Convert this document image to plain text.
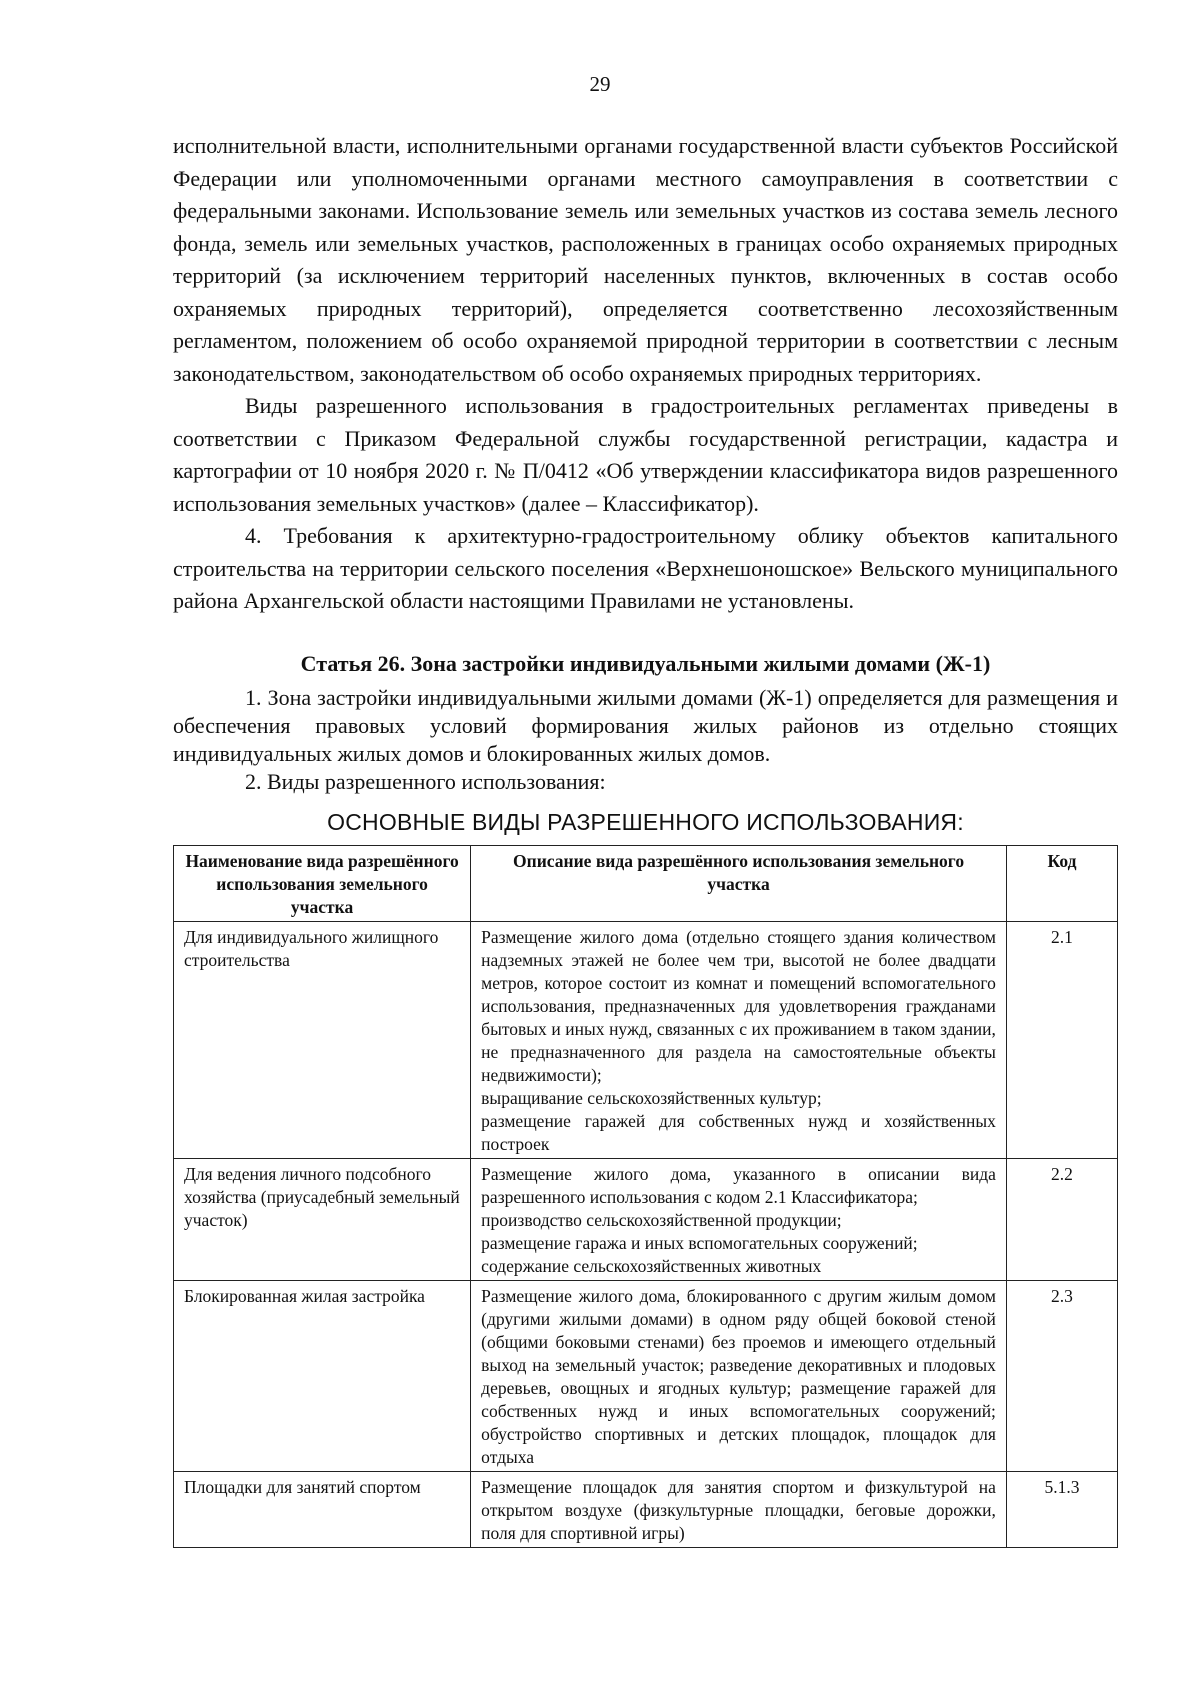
29

исполнительной власти, исполнительными органами государственной власти субъектов Российской Федерации или уполномоченными органами местного самоуправления в соответствии с федеральными законами. Использование земель или земельных участков из состава земель лесного фонда, земель или земельных участков, расположенных в границах особо охраняемых природных территорий (за исключением территорий населенных пунктов, включенных в состав особо охраняемых природных территорий), определяется соответственно лесохозяйственным регламентом, положением об особо охраняемой природной территории в соответствии с лесным законодательством, законодательством об особо охраняемых природных территориях.

Виды разрешенного использования в градостроительных регламентах приведены в соответствии с Приказом Федеральной службы государственной регистрации, кадастра и картографии от 10 ноября 2020 г. № П/0412 «Об утверждении классификатора видов разрешенного использования земельных участков» (далее – Классификатор).

4. Требования к архитектурно-градостроительному облику объектов капитального строительства на территории сельского поселения «Верхнешоношское» Вельского муниципального района Архангельской области настоящими Правилами не установлены.
Статья 26. Зона застройки индивидуальными жилыми домами (Ж-1)
1. Зона застройки индивидуальными жилыми домами (Ж-1) определяется для размещения и обеспечения правовых условий формирования жилых районов из отдельно стоящих индивидуальных жилых домов и блокированных жилых домов.
2. Виды разрешенного использования:
ОСНОВНЫЕ ВИДЫ РАЗРЕШЕННОГО ИСПОЛЬЗОВАНИЯ:
Наименование вида разрешённого использования земельного участка	Описание вида разрешённого использования земельного участка	Код
Для индивидуального жилищного строительства	Размещение жилого дома (отдельно стоящего здания количеством надземных этажей не более чем три, высотой не более двадцати метров, которое состоит из комнат и помещений вспомогательного использования, предназначенных для удовлетворения гражданами бытовых и иных нужд, связанных с их проживанием в таком здании, не предназначенного для раздела на самостоятельные объекты недвижимости);
выращивание сельскохозяйственных культур;
размещение гаражей для собственных нужд и хозяйственных построек	2.1
Для ведения личного подсобного хозяйства (приусадебный земельный участок)	Размещение жилого дома, указанного в описании вида разрешенного использования с кодом 2.1 Классификатора;
производство сельскохозяйственной продукции;
размещение гаража и иных вспомогательных сооружений;
содержание сельскохозяйственных животных	2.2
Блокированная жилая застройка	Размещение жилого дома, блокированного с другим жилым домом (другими жилыми домами) в одном ряду общей боковой стеной (общими боковыми стенами) без проемов и имеющего отдельный выход на земельный участок; разведение декоративных и плодовых деревьев, овощных и ягодных культур; размещение гаражей для собственных нужд и иных вспомогательных сооружений; обустройство спортивных и детских площадок, площадок для отдыха	2.3
Площадки для занятий спортом	Размещение площадок для занятия спортом и физкультурой на открытом воздухе (физкультурные площадки, беговые дорожки, поля для спортивной игры)	5.1.3
